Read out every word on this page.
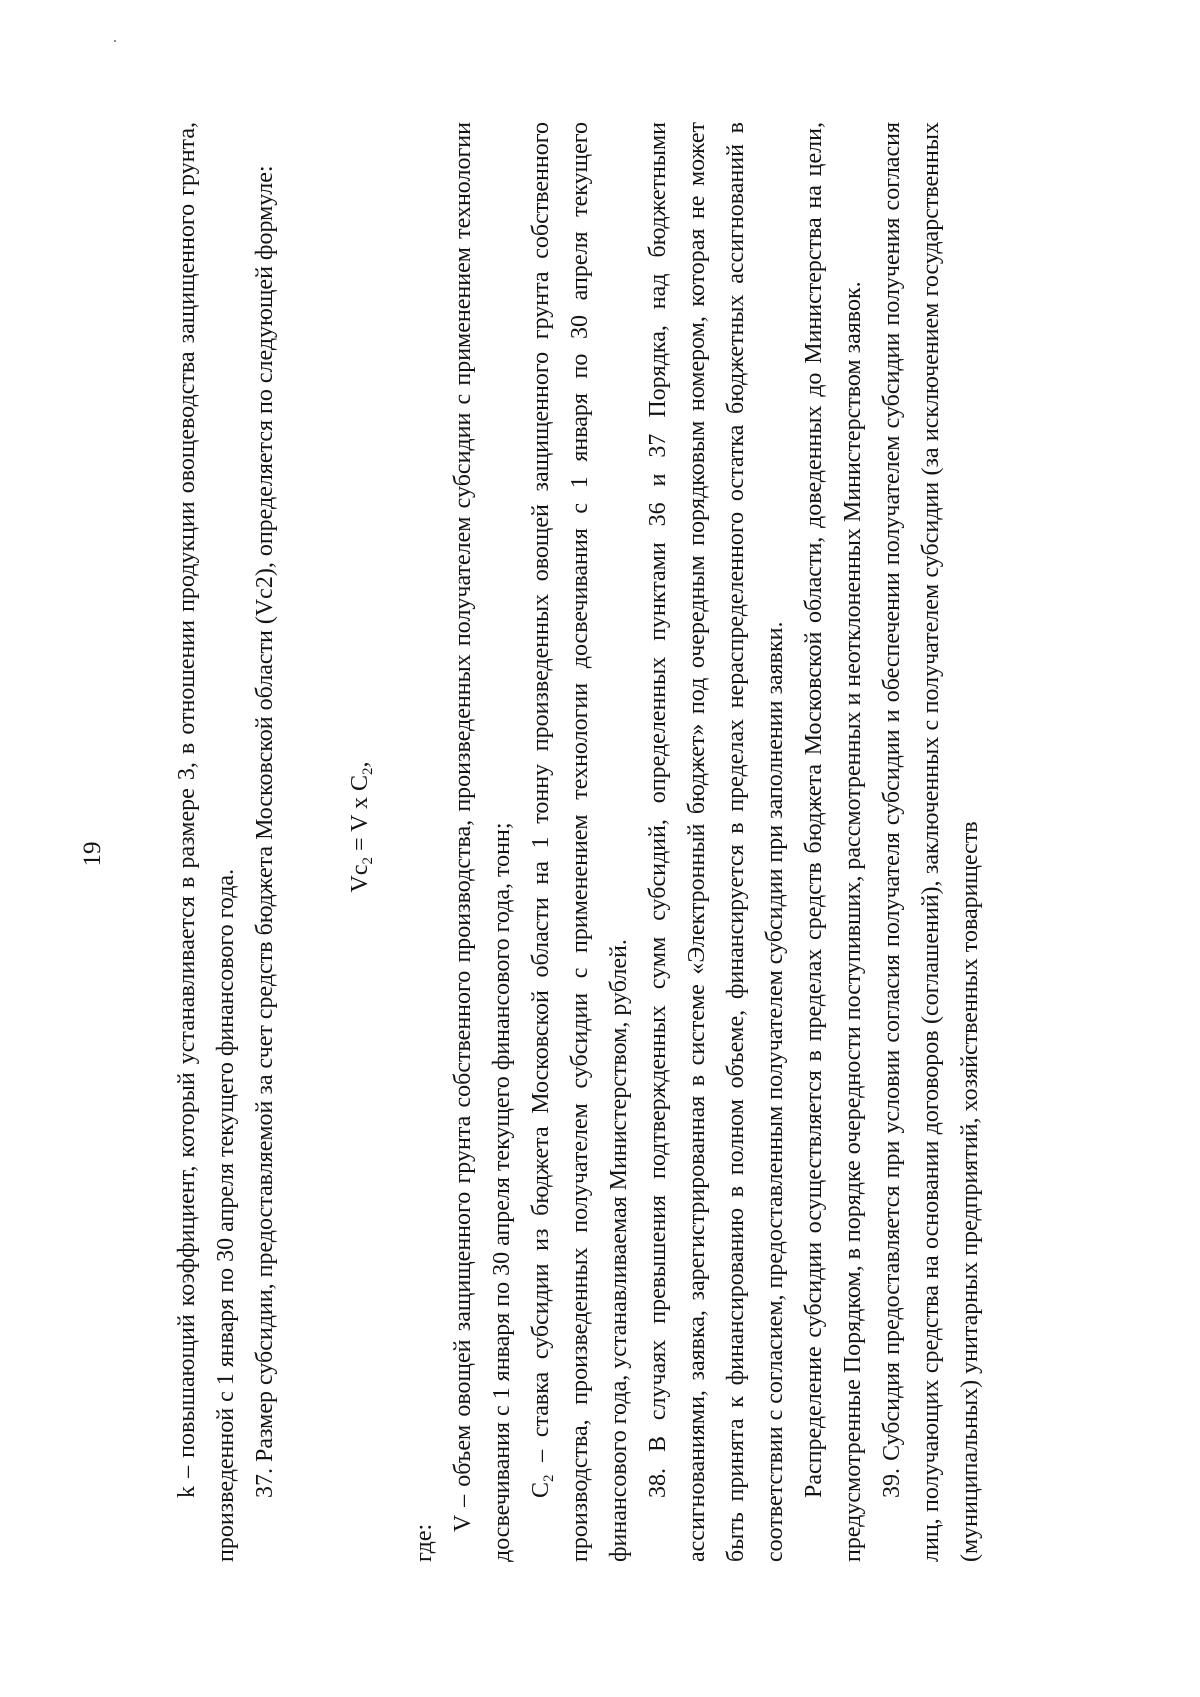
19	k – повышающий коэффициент, который устанавливается в размере 3, в отношении продукции овощеводства защищенного грунта, произведенной с 1 января по 30 апреля текущего финансового года. 37. Размер субсидии, предоставляемой за счет средств бюджета Московской области (Vc2), определяется по следующей формуле:	$Vc_2 = V$ x $C_2$,

где:

V – объем овощей защищенного грунта собственного производства, произведенных получателем субсидии с применением технологии досвечивания с 1 января по 30 апреля текущего финансового года, тонн; $C_2$ – ставка субсидии из бюджета Московской области на 1 тонну произведенных овощей защищенного грунта собственного производства, произведенных получателем субсидии с применением технологии досвечивания с 1 января по 30 апреля текущего финансового года, устанавливаемая Министерством, рублей. 38. В случаях превышения подтвержденных сумм субсидий, определенных пунктами 36 и 37 Порядка, над бюджетными ассигнованиями, заявка, зарегистрированная в системе «Электронный бюджет» под очередным порядковым номером, которая не может быть принята к финансированию в полном объеме, финансируется в пределах нераспределенного остатка бюджетных ассигнований в соответствии с согласием, предоставленным получателем субсидии при заполнении заявки. Распределение субсидии осуществляется в пределах средств бюджета Московской области, доведенных до Министерства на цели, предусмотренные Порядком, в порядке очередности поступивших, рассмотренных и неотклоненных Министерством заявок. 39. Субсидия предоставляется при условии согласия получателя субсидии и обеспечении получателем субсидии получения согласия лиц, получающих средства на основании договоров (соглашений), заключенных с получателем субсидии (за исключением государственных (муниципальных) унитарных предприятий, хозяйственных товариществ
